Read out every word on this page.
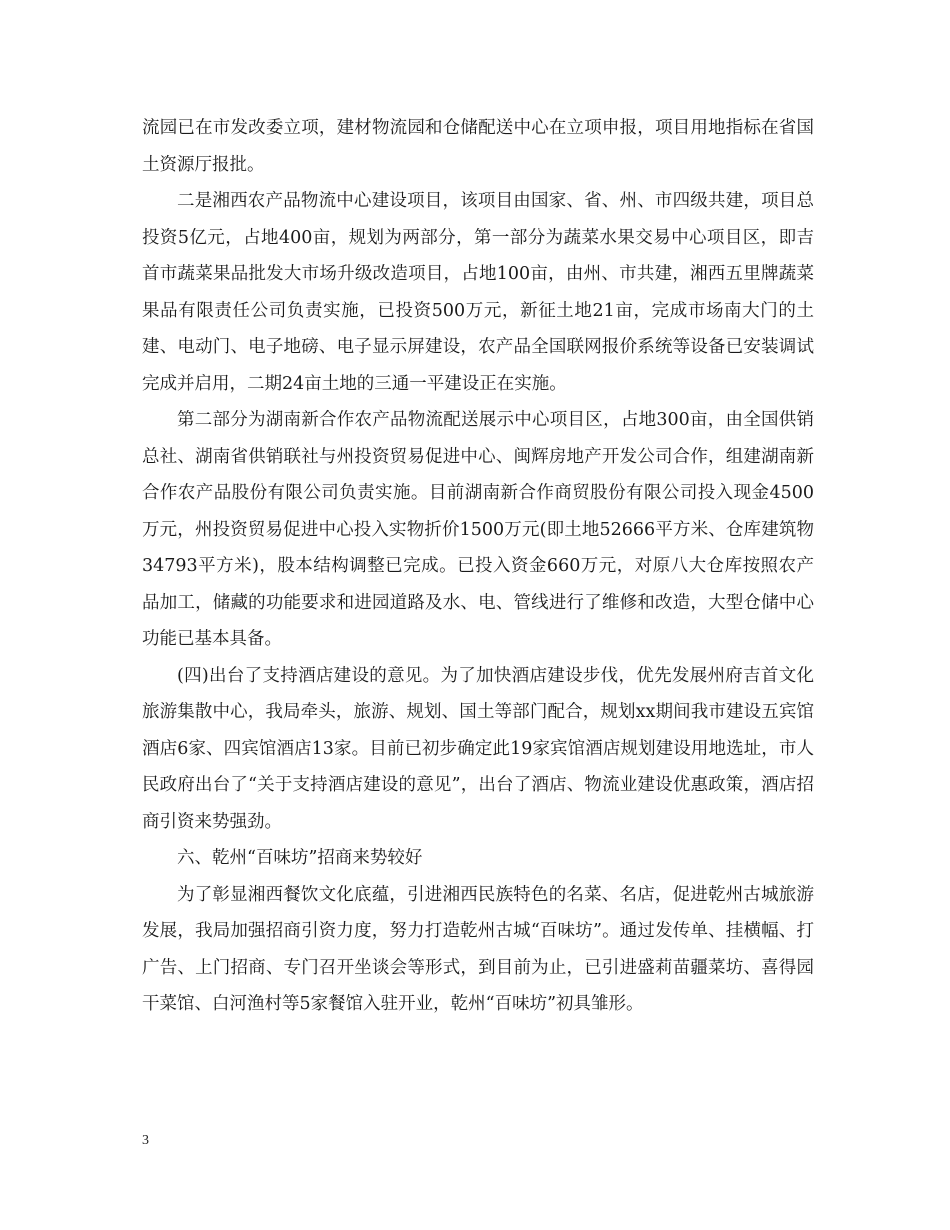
流园已在市发改委立项，建材物流园和仓储配送中心在立项申报，项目用地指标在省国土资源厅报批。

二是湘西农产品物流中心建设项目，该项目由国家、省、州、市四级共建，项目总投资5亿元，占地400亩，规划为两部分，第一部分为蔬菜水果交易中心项目区，即吉首市蔬菜果品批发大市场升级改造项目，占地100亩，由州、市共建，湘西五里牌蔬菜果品有限责任公司负责实施，已投资500万元，新征土地21亩，完成市场南大门的土建、电动门、电子地磅、电子显示屏建设，农产品全国联网报价系统等设备已安装调试完成并启用，二期24亩土地的三通一平建设正在实施。

第二部分为湖南新合作农产品物流配送展示中心项目区，占地300亩，由全国供销总社、湖南省供销联社与州投资贸易促进中心、闽辉房地产开发公司合作，组建湖南新合作农产品股份有限公司负责实施。目前湖南新合作商贸股份有限公司投入现金4500万元，州投资贸易促进中心投入实物折价1500万元(即土地52666平方米、仓库建筑物34793平方米)，股本结构调整已完成。已投入资金660万元，对原八大仓库按照农产品加工，储藏的功能要求和进园道路及水、电、管线进行了维修和改造，大型仓储中心功能已基本具备。

(四)出台了支持酒店建设的意见。为了加快酒店建设步伐，优先发展州府吉首文化旅游集散中心，我局牵头，旅游、规划、国土等部门配合，规划xx期间我市建设五宾馆酒店6家、四宾馆酒店13家。目前已初步确定此19家宾馆酒店规划建设用地选址，市人民政府出台了“关于支持酒店建设的意见”，出台了酒店、物流业建设优惠政策，酒店招商引资来势强劲。

六、乾州“百味坊”招商来势较好

为了彰显湘西餐饮文化底蕴，引进湘西民族特色的名菜、名店，促进乾州古城旅游发展，我局加强招商引资力度，努力打造乾州古城“百味坊”。通过发传单、挂横幅、打广告、上门招商、专门召开坐谈会等形式，到目前为止，已引进盛莉苗疆菜坊、喜得园干菜馆、白河渔村等5家餐馆入驻开业，乾州“百味坊”初具雏形。

3
